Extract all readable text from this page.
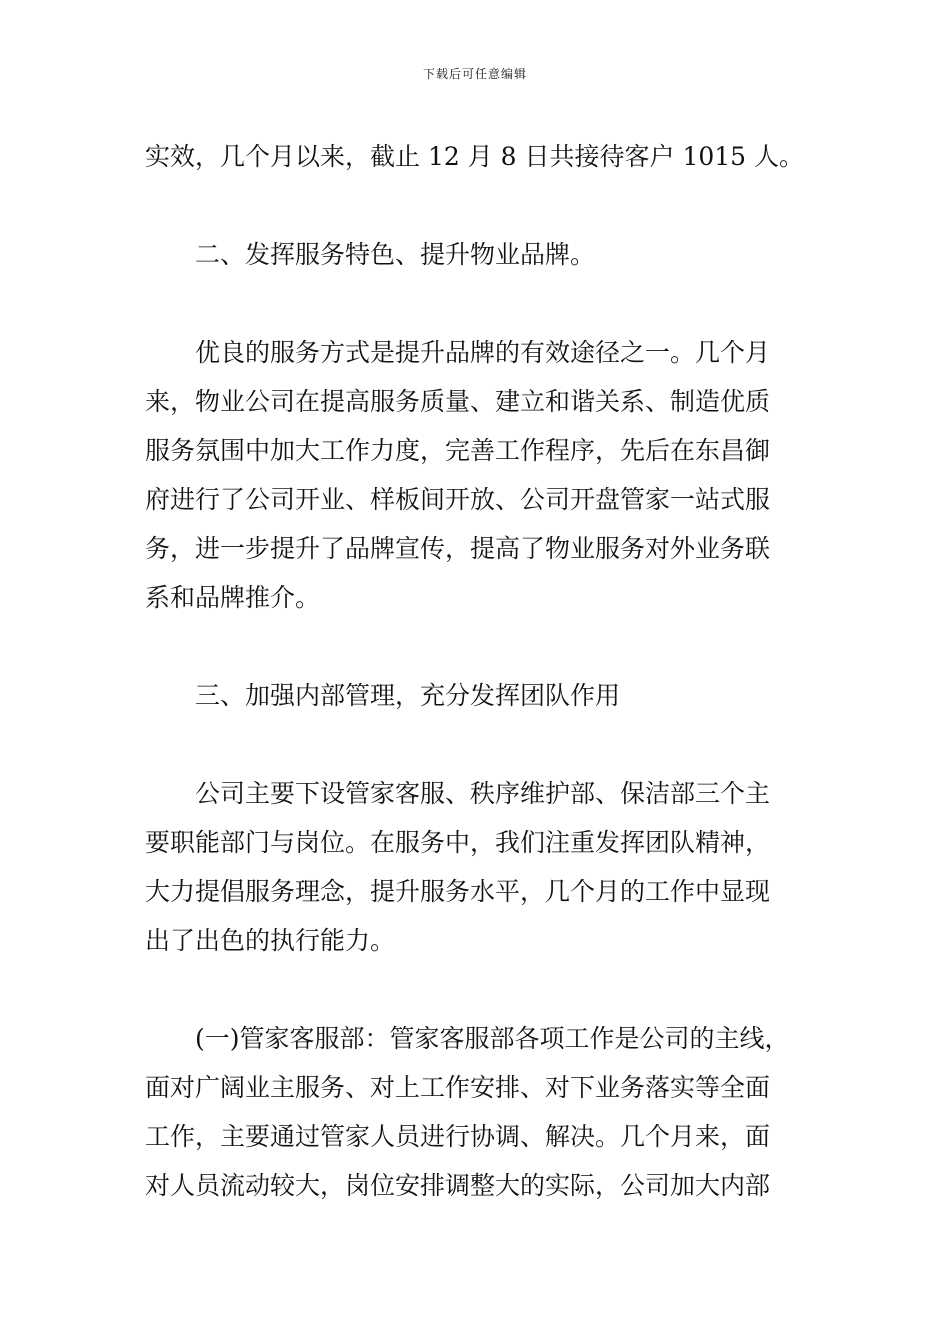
下载后可任意编辑

实效，几个月以来，截止 12 月 8 日共接待客户 1015 人。

二、发挥服务特色、提升物业品牌。

优良的服务方式是提升品牌的有效途径之一。几个月

来，物业公司在提高服务质量、建立和谐关系、制造优质

服务氛围中加大工作力度，完善工作程序，先后在东昌御

府进行了公司开业、样板间开放、公司开盘管家一站式服

务，进一步提升了品牌宣传，提高了物业服务对外业务联

系和品牌推介。

三、加强内部管理，充分发挥团队作用

公司主要下设管家客服、秩序维护部、保洁部三个主

要职能部门与岗位。在服务中，我们注重发挥团队精神，

大力提倡服务理念，提升服务水平，几个月的工作中显现

出了出色的执行能力。

(一)管家客服部：管家客服部各项工作是公司的主线，

面对广阔业主服务、对上工作安排、对下业务落实等全面

工作，主要通过管家人员进行协调、解决。几个月来，面

对人员流动较大，岗位安排调整大的实际，公司加大内部
